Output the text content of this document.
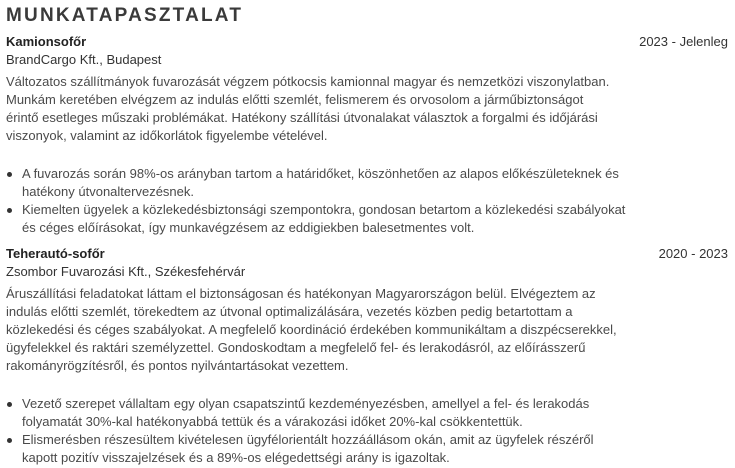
MUNKATAPASZTALAT
Kamionsofőr	2023 - Jelenleg
BrandCargo Kft., Budapest

Változatos szállítmányok fuvarozását végzem pótkocsis kamionnal magyar és nemzetközi viszonylatban. Munkám keretében elvégzem az indulás előtti szemlét, felismerem és orvosolom a járműbiztonságot érintő esetleges műszaki problémákat. Hatékony szállítási útvonalakat választok a forgalmi és időjárási viszonyok, valamint az időkorlátok figyelembe vételével.

A fuvarozás során 98%-os arányban tartom a határidőket, köszönhetően az alapos előkészületeknek és hatékony útvonaltervezésnek.
Kiemelten ügyelek a közlekedésbiztonsági szempontokra, gondosan betartom a közlekedési szabályokat és céges előírásokat, így munkavégzésem az eddigiekben balesetmentes volt.
Teherautó-sofőr	2020 - 2023
Zsombor Fuvarozási Kft., Székesfehérvár

Áruszállítási feladatokat láttam el biztonságosan és hatékonyan Magyarországon belül. Elvégeztem az indulás előtti szemlét, törekedtem az útvonal optimalizálására, vezetés közben pedig betartottam a közlekedési és céges szabályokat. A megfelelő koordináció érdekében kommunikáltam a diszpécserekkel, ügyfelekkel és raktári személyzettel. Gondoskodtam a megfelelő fel- és lerakodásról, az előírásszerű rakományrögzítésről, és pontos nyilvántartásokat vezettem.

Vezető szerepet vállaltam egy olyan csapatszintű kezdeményezésben, amellyel a fel- és lerakodás folyamatát 30%-kal hatékonyabbá tettük és a várakozási időket 20%-kal csökkentettük.
Elismerésben részesültem kivételesen ügyfélorientált hozzáállásom okán, amit az ügyfelek részéről kapott pozitív visszajelzések és a 89%-os elégedettségi arány is igazoltak.
